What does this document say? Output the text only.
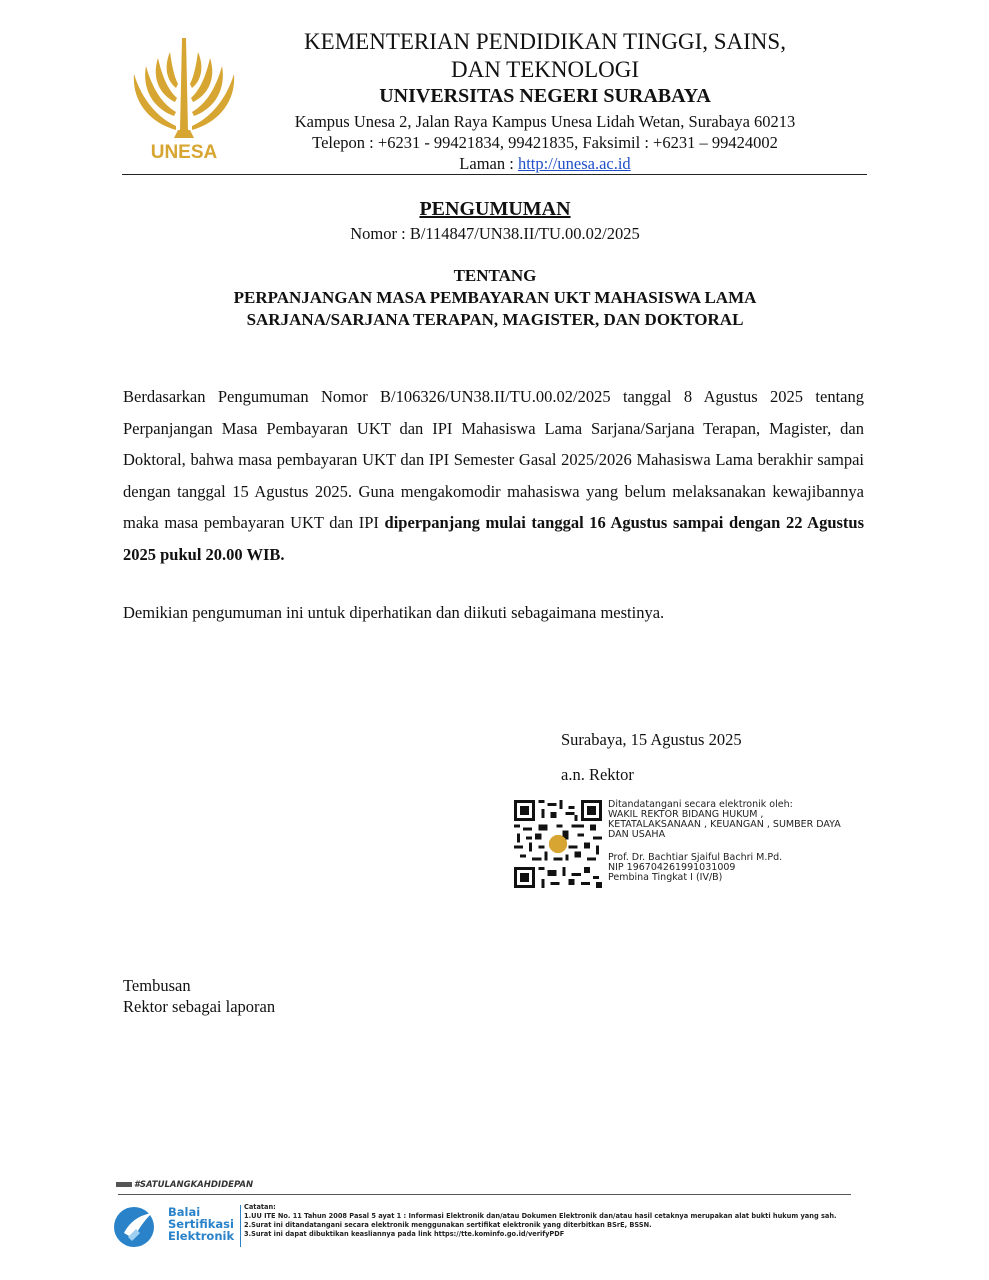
UNESA
KEMENTERIAN PENDIDIKAN TINGGI, SAINS,
DAN TEKNOLOGI
UNIVERSITAS NEGERI SURABAYA
Kampus Unesa 2, Jalan Raya Kampus Unesa Lidah Wetan, Surabaya 60213
Telepon : +6231 - 99421834, 99421835, Faksimil : +6231 – 99424002
Laman : http://unesa.ac.id
PENGUMUMAN
Nomor : B/114847/UN38.II/TU.00.02/2025
TENTANG
PERPANJANGAN MASA PEMBAYARAN UKT MAHASISWA LAMA
SARJANA/SARJANA TERAPAN, MAGISTER, DAN DOKTORAL
Berdasarkan Pengumuman Nomor B/106326/UN38.II/TU.00.02/2025 tanggal 8 Agustus 2025 tentang Perpanjangan Masa Pembayaran UKT dan IPI Mahasiswa Lama Sarjana/Sarjana Terapan, Magister, dan Doktoral, bahwa masa pembayaran UKT dan IPI Semester Gasal 2025/2026 Mahasiswa Lama berakhir sampai dengan tanggal 15 Agustus 2025. Guna mengakomodir mahasiswa yang belum melaksanakan kewajibannya maka masa pembayaran UKT dan IPI diperpanjang mulai tanggal 16 Agustus sampai dengan 22 Agustus 2025 pukul 20.00 WIB.
Demikian pengumuman ini untuk diperhatikan dan diikuti sebagaimana mestinya.
Surabaya, 15 Agustus 2025
a.n. Rektor
Ditandatangani secara elektronik oleh:
WAKIL REKTOR BIDANG HUKUM , KETATALAKSANAAN , KEUANGAN , SUMBER DAYA DAN USAHA
Prof. Dr. Bachtiar Sjaiful Bachri M.Pd.
NIP 196704261991031009
Pembina Tingkat I (IV/B)
Tembusan
Rektor sebagai laporan
#SATULANGKAHDIDEPAN
Balai
Sertifikasi
Elektronik
Catatan:
1.UU ITE No. 11 Tahun 2008 Pasal 5 ayat 1 : Informasi Elektronik dan/atau Dokumen Elektronik dan/atau hasil cetaknya merupakan alat bukti hukum yang sah.
2.Surat ini ditandatangani secara elektronik menggunakan sertifikat elektronik yang diterbitkan BSrE, BSSN.
3.Surat ini dapat dibuktikan keasliannya pada link https://tte.kominfo.go.id/verifyPDF
